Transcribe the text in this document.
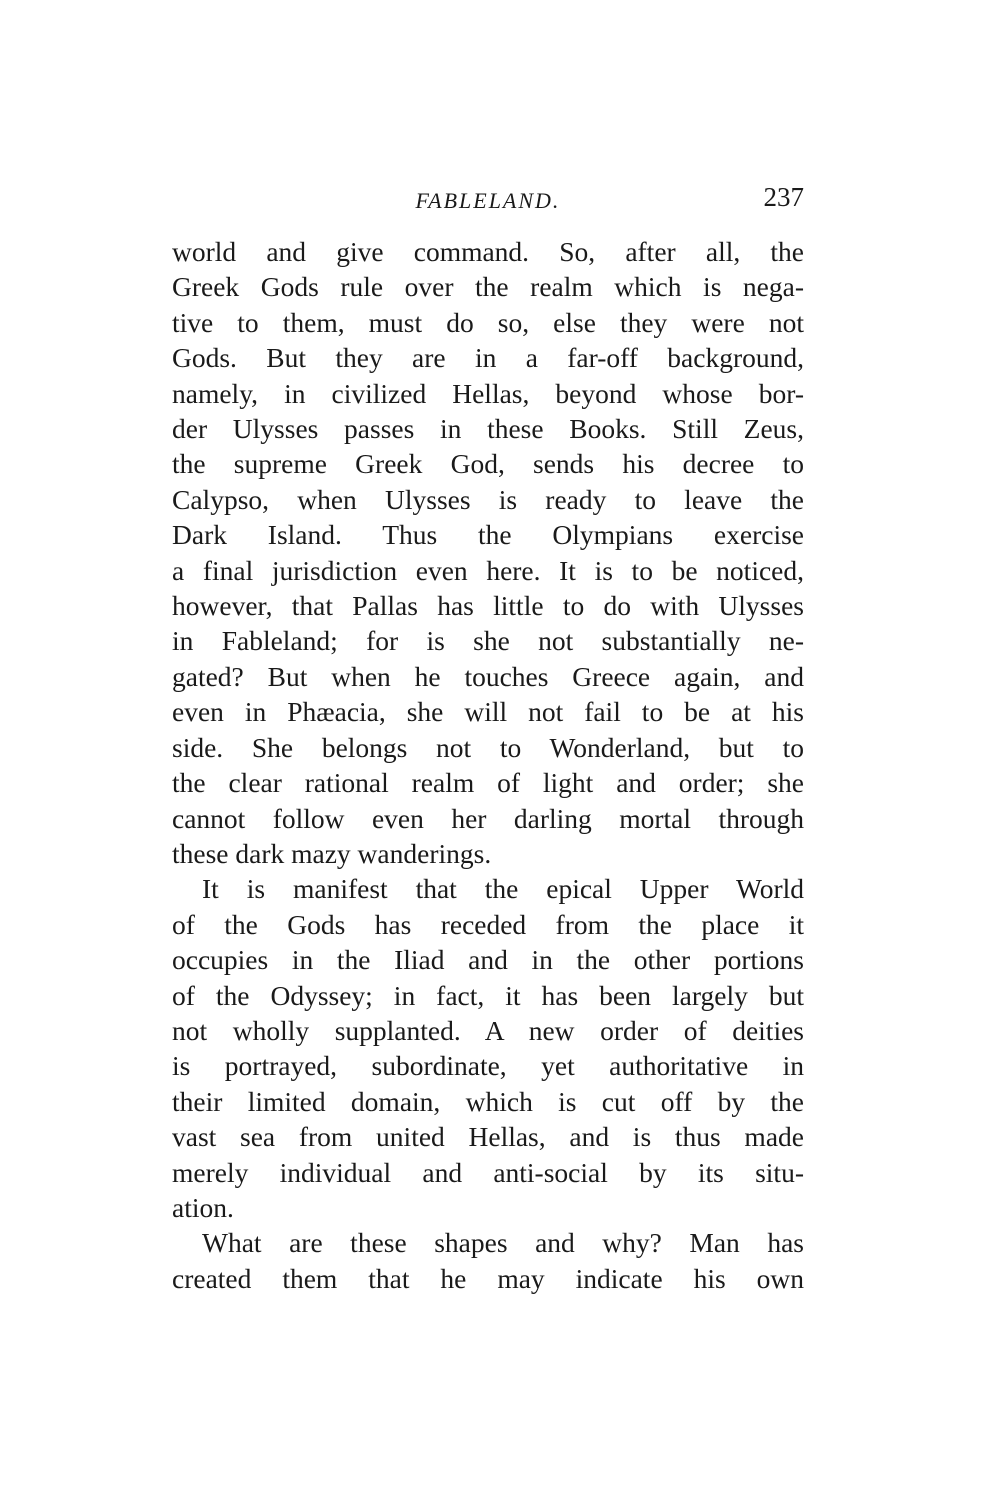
FABLELAND.	237
world and give command. So, after all, the
Greek Gods rule over the realm which is nega-
tive to them, must do so, else they were not
Gods. But they are in a far-off background,
namely, in civilized Hellas, beyond whose bor-
der Ulysses passes in these Books. Still Zeus,
the supreme Greek God, sends his decree to
Calypso, when Ulysses is ready to leave the
Dark Island. Thus the Olympians exercise
a final jurisdiction even here. It is to be noticed,
however, that Pallas has little to do with Ulysses
in Fableland; for is she not substantially ne-
gated? But when he touches Greece again, and
even in Phæacia, she will not fail to be at his
side. She belongs not to Wonderland, but to
the clear rational realm of light and order; she
cannot follow even her darling mortal through
these dark mazy wanderings.
It is manifest that the epical Upper World
of the Gods has receded from the place it
occupies in the Iliad and in the other portions
of the Odyssey; in fact, it has been largely but
not wholly supplanted. A new order of deities
is portrayed, subordinate, yet authoritative in
their limited domain, which is cut off by the
vast sea from united Hellas, and is thus made
merely individual and anti-social by its situ-
ation.
What are these shapes and why? Man has
created them that he may indicate his own
